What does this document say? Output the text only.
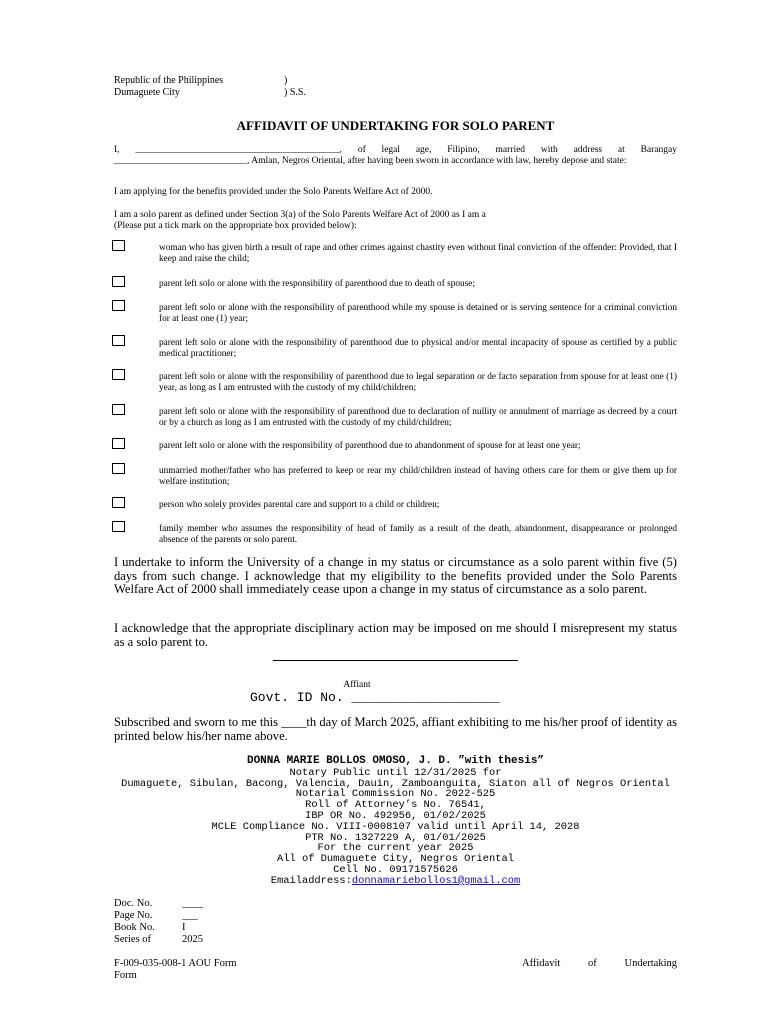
Republic of the Philippines	)
Dumaguete City	) S.S.
AFFIDAVIT OF UNDERTAKING FOR SOLO PARENT
I, ___________________________________________, of legal age, Filipino, married with address at Barangay ____________________________, Amlan, Negros Oriental, after having been sworn in accordance with law, hereby depose and state:
I am applying for the benefits provided under the Solo Parents Welfare Act of 2000.
I am a solo parent as defined under Section 3(a) of the Solo Parents Welfare Act of 2000 as I am a
(Please put a tick mark on the appropriate box provided below):
woman who has given birth a result of rape and other crimes against chastity even without final conviction of the offender: Provided, that I keep and raise the child;
parent left solo or alone with the responsibility of parenthood due to death of spouse;
parent left solo or alone with the responsibility of parenthood while my spouse is detained or is serving sentence for a criminal conviction for at least one (1) year;
parent left solo or alone with the responsibility of parenthood due to physical and/or mental incapacity of spouse as certified by a public medical practitioner;
parent left solo or alone with the responsibility of parenthood due to legal separation or de facto separation from spouse for at least one (1) year, as long as I am entrusted with the custody of my child/children;
parent left solo or alone with the responsibility of parenthood due to declaration of nullity or annulment of marriage as decreed by a court or by a church as long as I am entrusted with the custody of my child/children;
parent left solo or alone with the responsibility of parenthood due to abandonment of spouse for at least one year;
unmarried mother/father who has preferred to keep or rear my child/children instead of having others care for them or give them up for welfare institution;
person who solely provides parental care and support to a child or children;
family member who assumes the responsibility of head of family as a result of the death, abandonment, disappearance or prolonged absence of the parents or solo parent.
I undertake to inform the University of a change in my status or circumstance as a solo parent within five (5) days from such change. I acknowledge that my eligibility to the benefits provided under the Solo Parents Welfare Act of 2000 shall immediately cease upon a change in my status of circumstance as a solo parent.
I acknowledge that the appropriate disciplinary action may be imposed on me should I misrepresent my status as a solo parent to.
Affiant
Govt. ID No. ___________________
Subscribed and sworn to me this ____th day of March 2025, affiant exhibiting to me his/her proof of identity as printed below his/her name above.
DONNA MARIE BOLLOS OMOSO, J. D. ”with thesis”
Notary Public until 12/31/2025 for
Dumaguete, Sibulan, Bacong, Valencia, Dauin, Zamboanguita, Siaton all of Negros Oriental
Notarial Commission No. 2022-525
Roll of Attorney’s No. 76541,
IBP OR No. 492956, 01/02/2025
MCLE Compliance No. VIII-0008107 valid until April 14, 2028
PTR No. 1327229 A, 01/01/2025
For the current year 2025
All of Dumaguete City, Negros Oriental
Cell No. 09171575626
Emailaddress:donnamariebollos1@gmail.com
Doc. No.	____
Page No.	___
Book No.	I
Series of	2025
F-009-035-008-1 AOU Form
Form
Affidavit	of	Undertaking
